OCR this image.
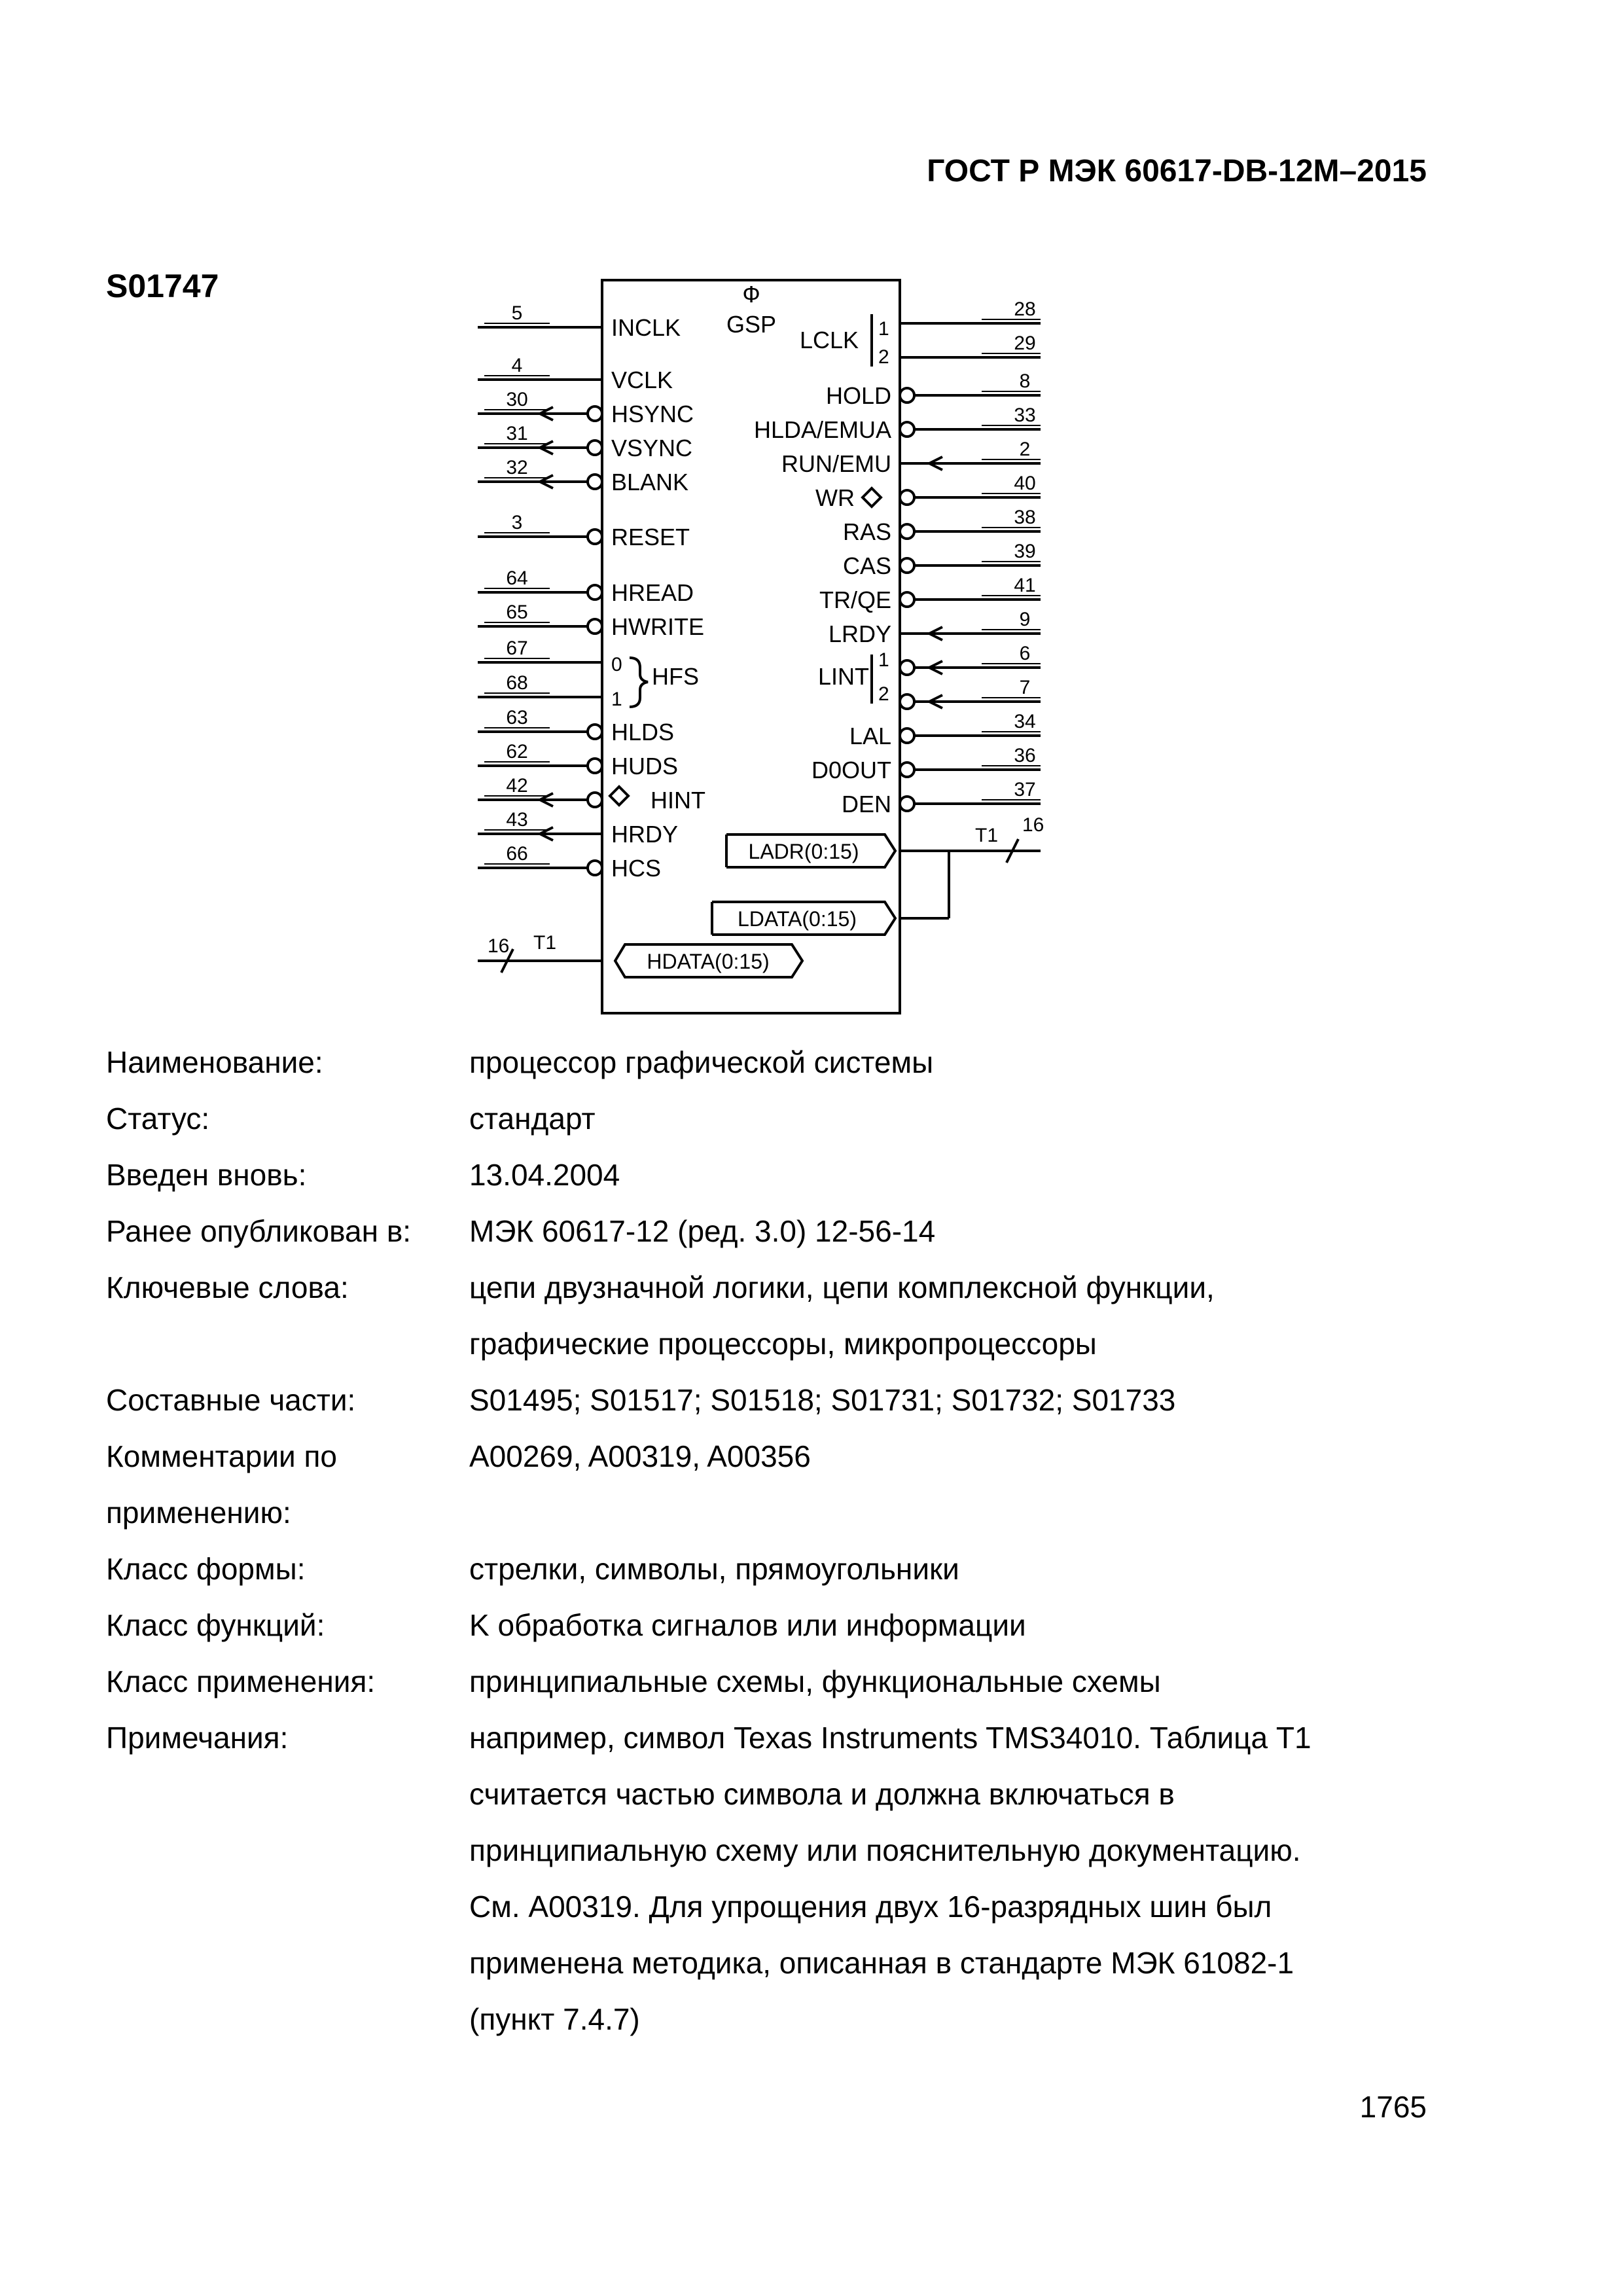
ГОСТ Р МЭК 60617-DB-12M–2015
S01747
5
INCLK
4
VCLK
30
HSYNC
31
VSYNC
32
BLANK
3
RESET
64
HREAD
65
HWRITE
67
0
68
1
63
HLDS
62
HUDS
42
HINT
43
HRDY
66
HCS
28
29
8
HOLD
33
HLDA/EMUA
2
RUN/EMU
40
WR
38
RAS
39
CAS
41
TR/QE
9
LRDY
6
7
34
LAL
36
D0OUT
37
DEN
Ф
GSP
HFS
LCLK 1
2
LINT
1
2
LADR(0:15)
LDATA(0:15)
HDATA(0:15)
T1 16
16 T1
Наименование:	процессор графической системы
Статус:	стандарт
Введен вновь:	13.04.2004
Ранее опубликован в:	МЭК 60617-12 (ред. 3.0) 12-56-14
Ключевые слова:	цепи двузначной логики, цепи комплексной функции,
	графические процессоры, микропроцессоры
Составные части:	S01495; S01517; S01518; S01731; S01732; S01733
Комментарии по	A00269, A00319, A00356
применению:	
Класс формы:	стрелки, символы, прямоугольники
Класс функций:	K обработка сигналов или информации
Класс применения:	принципиальные схемы, функциональные схемы
Примечания:	например, символ Texas Instruments TMS34010. Таблица Т1
	считается частью символа и должна включаться в
	принципиальную схему или пояснительную документацию.
	См. A00319. Для упрощения двух 16-разрядных шин был
	применена методика, описанная в стандарте МЭК 61082-1
	(пункт 7.4.7)
1765
